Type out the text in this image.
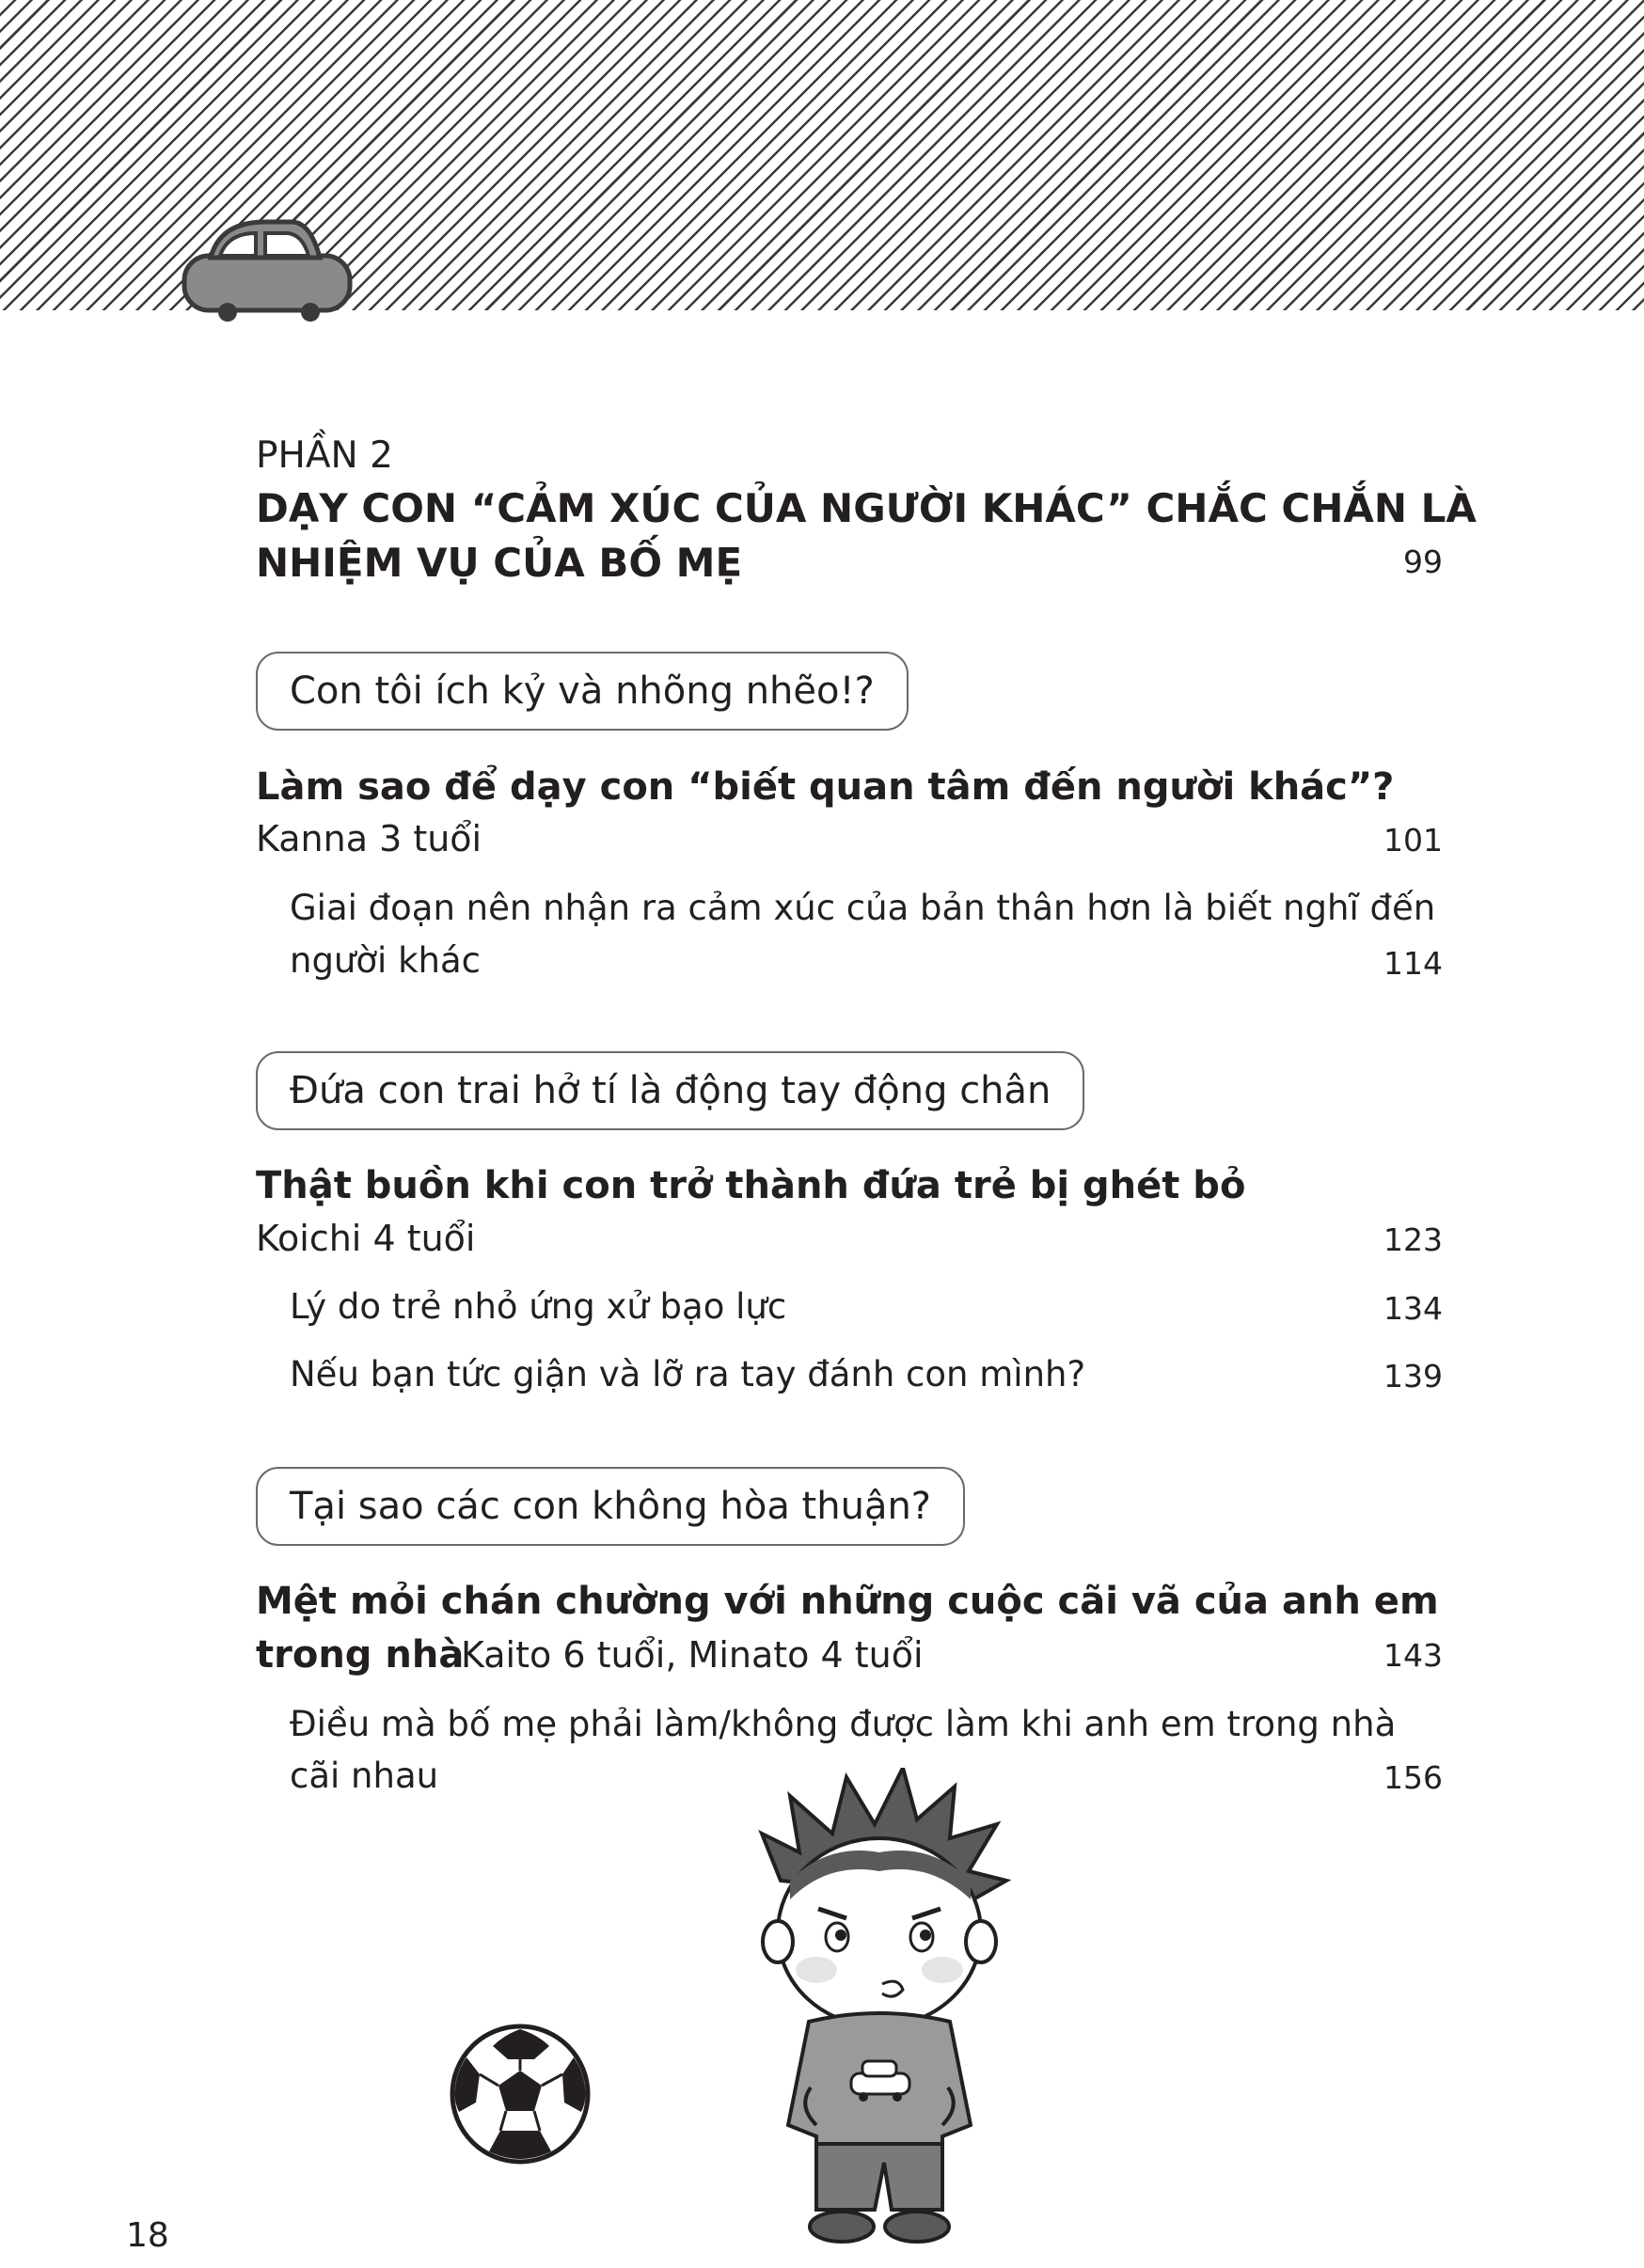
PHẦN 2
DẠY CON “CẢM XÚC CỦA NGƯỜI KHÁC” CHẮC CHẮN LÀ
NHIỆM VỤ CỦA BỐ MẸ	99
Con tôi ích kỷ và nhõng nhẽo!?
Làm sao để dạy con “biết quan tâm đến người khác”?
Kanna 3 tuổi	101
Giai đoạn nên nhận ra cảm xúc của bản thân hơn là biết nghĩ đến
người khác	114
Đứa con trai hở tí là động tay động chân
Thật buồn khi con trở thành đứa trẻ bị ghét bỏ
Koichi 4 tuổi	123
Lý do trẻ nhỏ ứng xử bạo lực	134
Nếu bạn tức giận và lỡ ra tay đánh con mình?	139
Tại sao các con không hòa thuận?
Mệt mỏi chán chường với những cuộc cãi vã của anh em
trong nhà
Kaito 6 tuổi, Minato 4 tuổi	143
Điều mà bố mẹ phải làm/không được làm khi anh em trong nhà
cãi nhau	156
18
